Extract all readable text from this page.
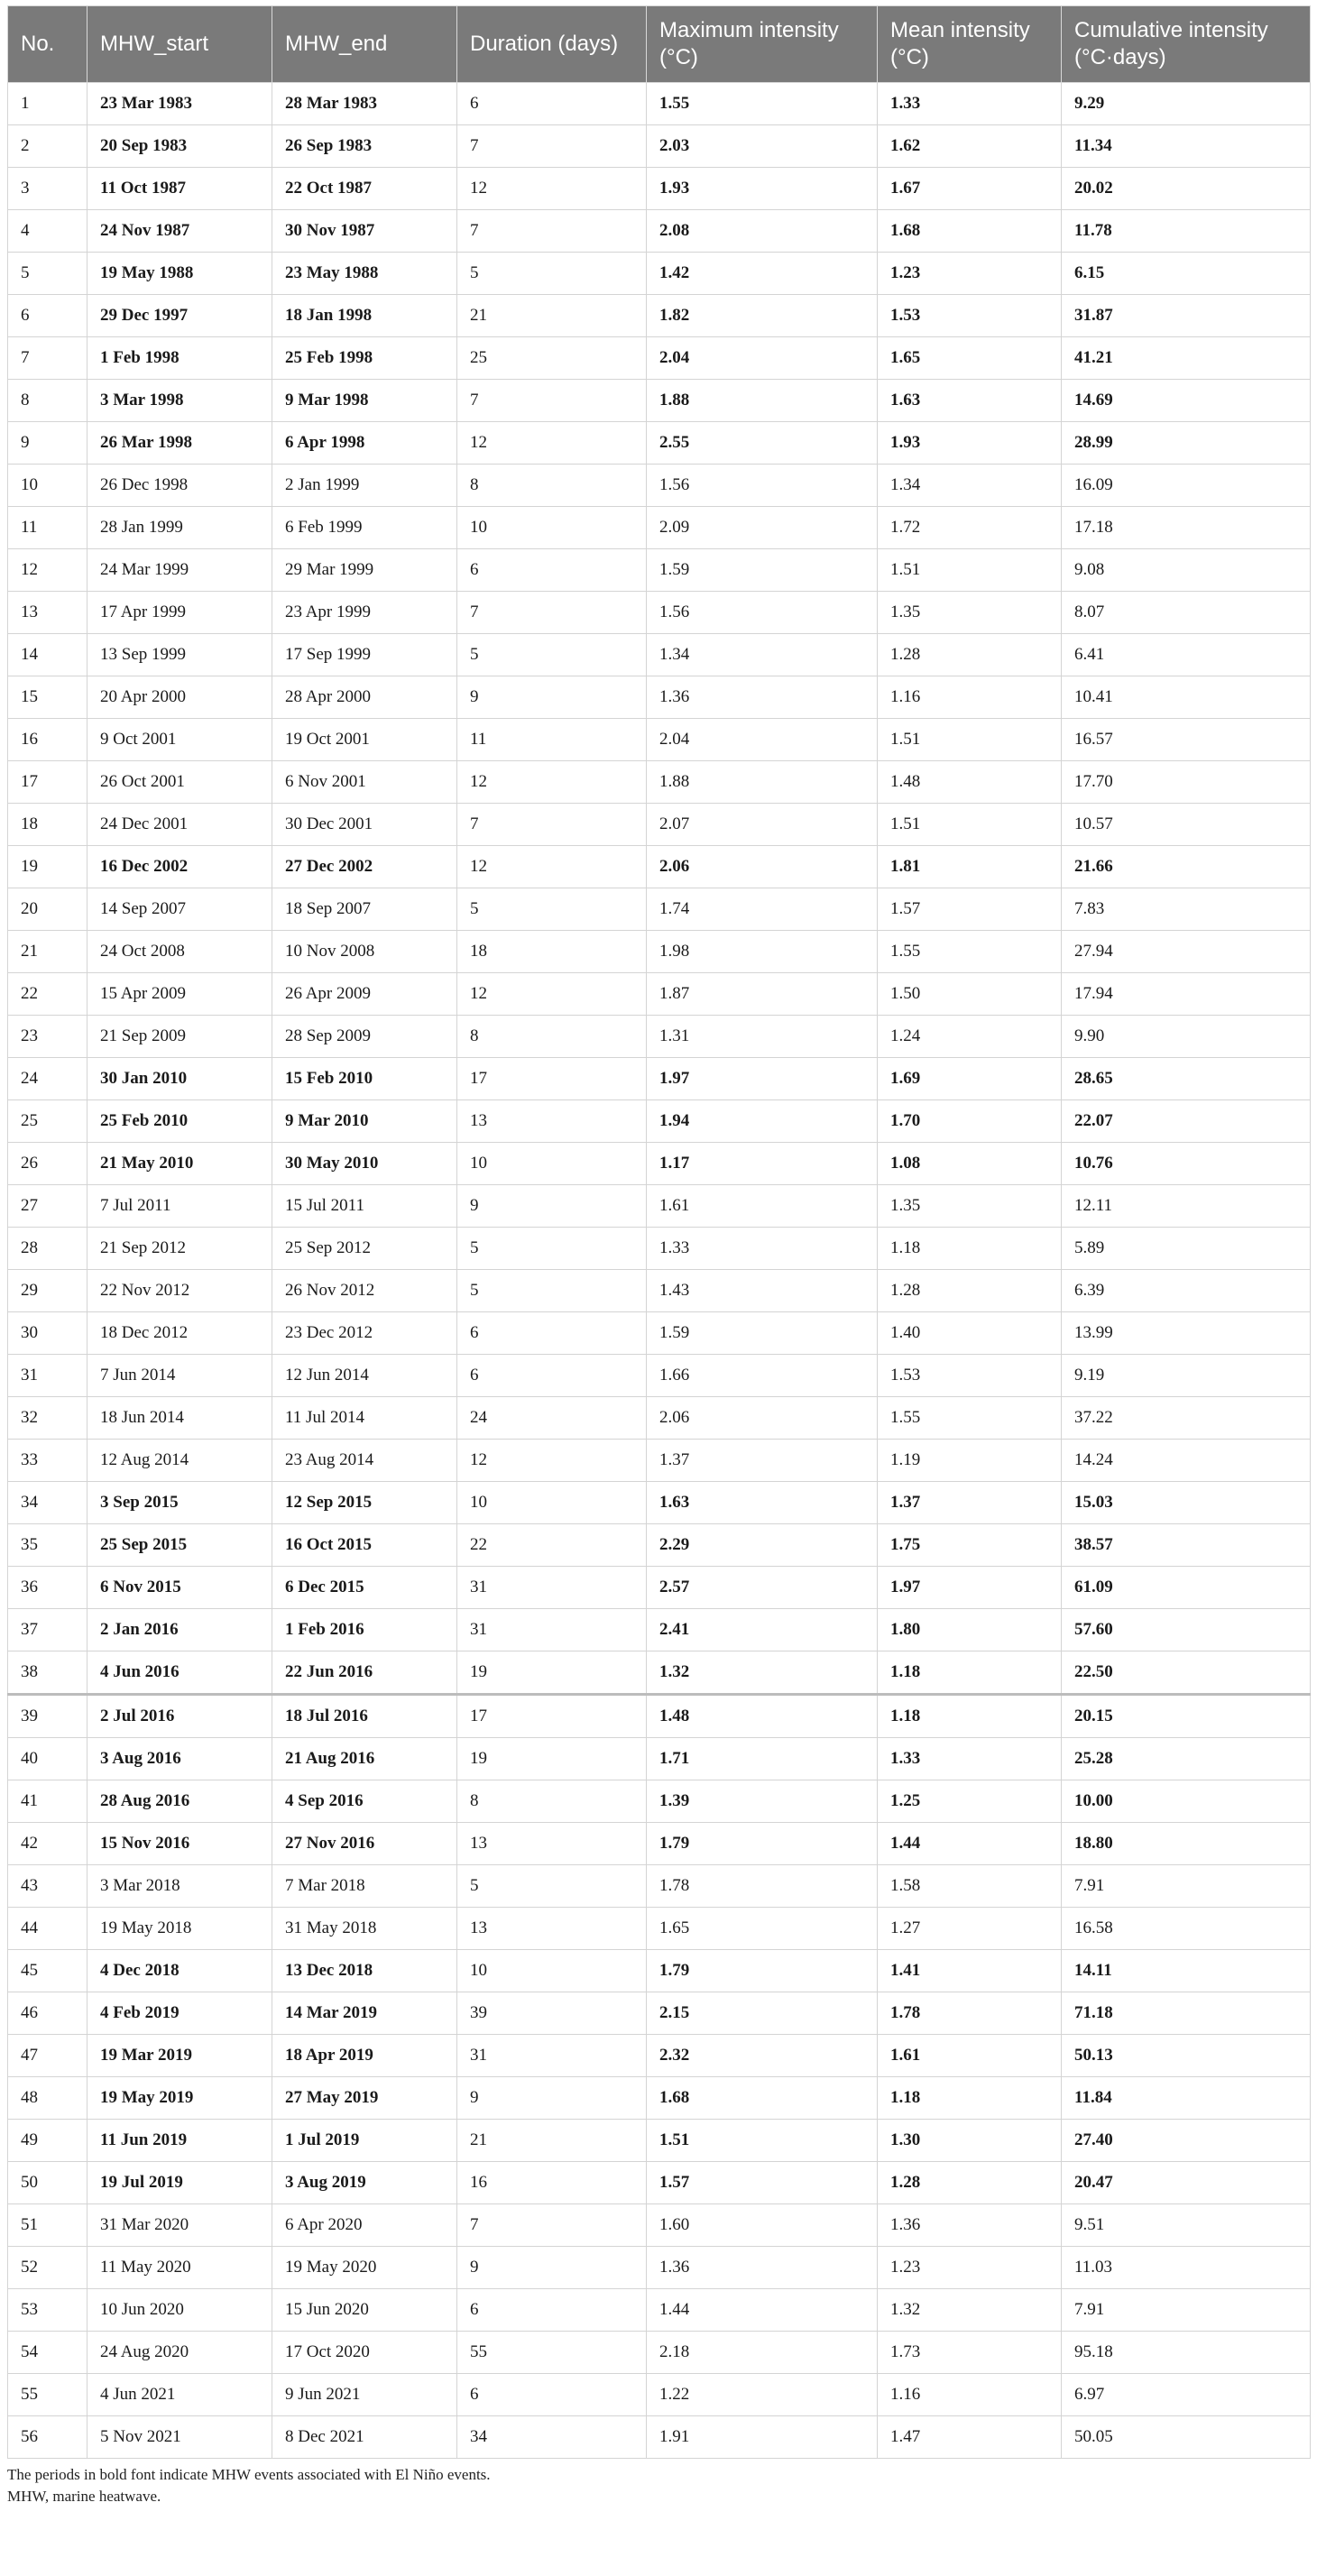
No.	MHW_start	MHW_end	Duration (days)	Maximum intensity (°C)	Mean intensity (°C)	Cumulative intensity (°C·days)
1	23 Mar 1983	28 Mar 1983	6	1.55	1.33	9.29
2	20 Sep 1983	26 Sep 1983	7	2.03	1.62	11.34
3	11 Oct 1987	22 Oct 1987	12	1.93	1.67	20.02
4	24 Nov 1987	30 Nov 1987	7	2.08	1.68	11.78
5	19 May 1988	23 May 1988	5	1.42	1.23	6.15
6	29 Dec 1997	18 Jan 1998	21	1.82	1.53	31.87
7	1 Feb 1998	25 Feb 1998	25	2.04	1.65	41.21
8	3 Mar 1998	9 Mar 1998	7	1.88	1.63	14.69
9	26 Mar 1998	6 Apr 1998	12	2.55	1.93	28.99
10	26 Dec 1998	2 Jan 1999	8	1.56	1.34	16.09
11	28 Jan 1999	6 Feb 1999	10	2.09	1.72	17.18
12	24 Mar 1999	29 Mar 1999	6	1.59	1.51	9.08
13	17 Apr 1999	23 Apr 1999	7	1.56	1.35	8.07
14	13 Sep 1999	17 Sep 1999	5	1.34	1.28	6.41
15	20 Apr 2000	28 Apr 2000	9	1.36	1.16	10.41
16	9 Oct 2001	19 Oct 2001	11	2.04	1.51	16.57
17	26 Oct 2001	6 Nov 2001	12	1.88	1.48	17.70
18	24 Dec 2001	30 Dec 2001	7	2.07	1.51	10.57
19	16 Dec 2002	27 Dec 2002	12	2.06	1.81	21.66
20	14 Sep 2007	18 Sep 2007	5	1.74	1.57	7.83
21	24 Oct 2008	10 Nov 2008	18	1.98	1.55	27.94
22	15 Apr 2009	26 Apr 2009	12	1.87	1.50	17.94
23	21 Sep 2009	28 Sep 2009	8	1.31	1.24	9.90
24	30 Jan 2010	15 Feb 2010	17	1.97	1.69	28.65
25	25 Feb 2010	9 Mar 2010	13	1.94	1.70	22.07
26	21 May 2010	30 May 2010	10	1.17	1.08	10.76
27	7 Jul 2011	15 Jul 2011	9	1.61	1.35	12.11
28	21 Sep 2012	25 Sep 2012	5	1.33	1.18	5.89
29	22 Nov 2012	26 Nov 2012	5	1.43	1.28	6.39
30	18 Dec 2012	23 Dec 2012	6	1.59	1.40	13.99
31	7 Jun 2014	12 Jun 2014	6	1.66	1.53	9.19
32	18 Jun 2014	11 Jul 2014	24	2.06	1.55	37.22
33	12 Aug 2014	23 Aug 2014	12	1.37	1.19	14.24
34	3 Sep 2015	12 Sep 2015	10	1.63	1.37	15.03
35	25 Sep 2015	16 Oct 2015	22	2.29	1.75	38.57
36	6 Nov 2015	6 Dec 2015	31	2.57	1.97	61.09
37	2 Jan 2016	1 Feb 2016	31	2.41	1.80	57.60
38	4 Jun 2016	22 Jun 2016	19	1.32	1.18	22.50
39	2 Jul 2016	18 Jul 2016	17	1.48	1.18	20.15
40	3 Aug 2016	21 Aug 2016	19	1.71	1.33	25.28
41	28 Aug 2016	4 Sep 2016	8	1.39	1.25	10.00
42	15 Nov 2016	27 Nov 2016	13	1.79	1.44	18.80
43	3 Mar 2018	7 Mar 2018	5	1.78	1.58	7.91
44	19 May 2018	31 May 2018	13	1.65	1.27	16.58
45	4 Dec 2018	13 Dec 2018	10	1.79	1.41	14.11
46	4 Feb 2019	14 Mar 2019	39	2.15	1.78	71.18
47	19 Mar 2019	18 Apr 2019	31	2.32	1.61	50.13
48	19 May 2019	27 May 2019	9	1.68	1.18	11.84
49	11 Jun 2019	1 Jul 2019	21	1.51	1.30	27.40
50	19 Jul 2019	3 Aug 2019	16	1.57	1.28	20.47
51	31 Mar 2020	6 Apr 2020	7	1.60	1.36	9.51
52	11 May 2020	19 May 2020	9	1.36	1.23	11.03
53	10 Jun 2020	15 Jun 2020	6	1.44	1.32	7.91
54	24 Aug 2020	17 Oct 2020	55	2.18	1.73	95.18
55	4 Jun 2021	9 Jun 2021	6	1.22	1.16	6.97
56	5 Nov 2021	8 Dec 2021	34	1.91	1.47	50.05
The periods in bold font indicate MHW events associated with El Niño events.
MHW, marine heatwave.
